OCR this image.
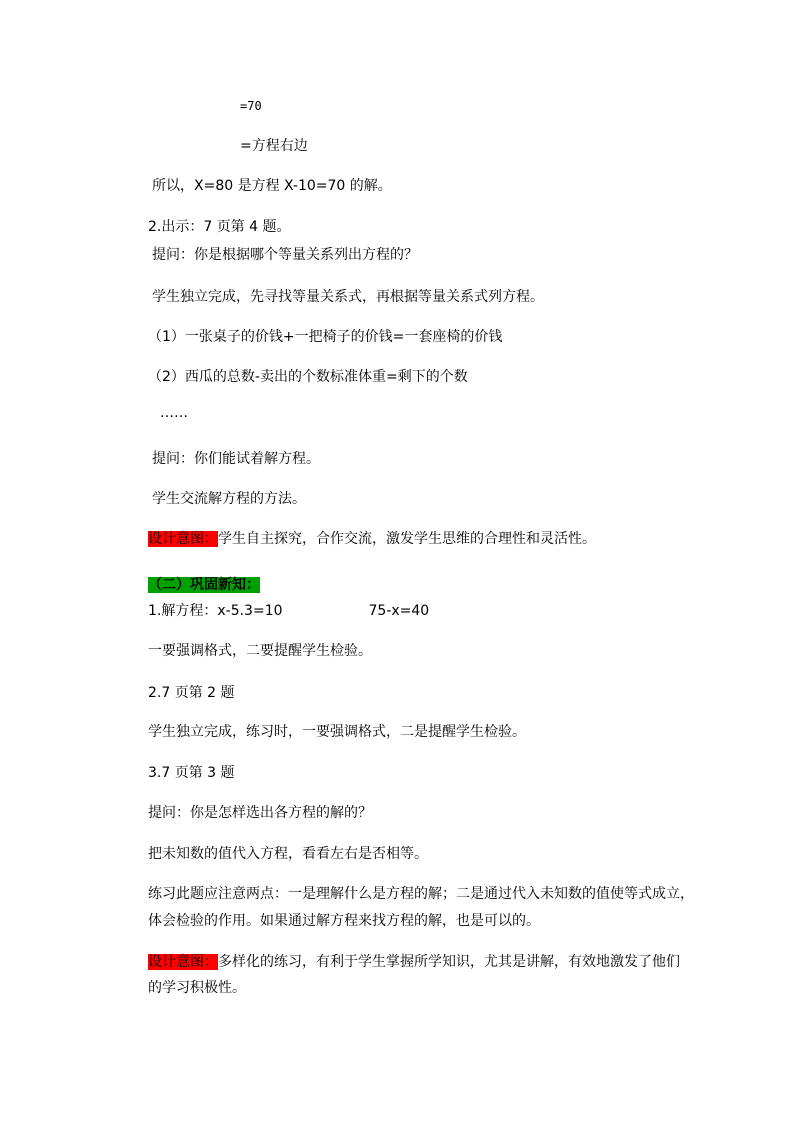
=70
=方程右边
所以，X=80 是方程 X-10=70 的解。
2.出示：7 页第 4 题。
提问：你是根据哪个等量关系列出方程的？
学生独立完成，先寻找等量关系式，再根据等量关系式列方程。
（1）一张桌子的价钱+一把椅子的价钱=一套座椅的价钱
（2）西瓜的总数-卖出的个数标准体重=剩下的个数
……
提问：你们能试着解方程。
学生交流解方程的方法。
设计意图：学生自主探究，合作交流，激发学生思维的合理性和灵活性。
（二）巩固新知：
1.解方程：x-5.3=10	75-x=40
一要强调格式，二要提醒学生检验。
2.7 页第 2 题
学生独立完成，练习时，一要强调格式，二是提醒学生检验。
3.7 页第 3 题
提问：你是怎样选出各方程的解的？
把未知数的值代入方程，看看左右是否相等。
练习此题应注意两点：一是理解什么是方程的解；二是通过代入未知数的值使等式成立，
体会检验的作用。如果通过解方程来找方程的解，也是可以的。
设计意图：多样化的练习，有利于学生掌握所学知识，尤其是讲解，有效地激发了他们
的学习积极性。
